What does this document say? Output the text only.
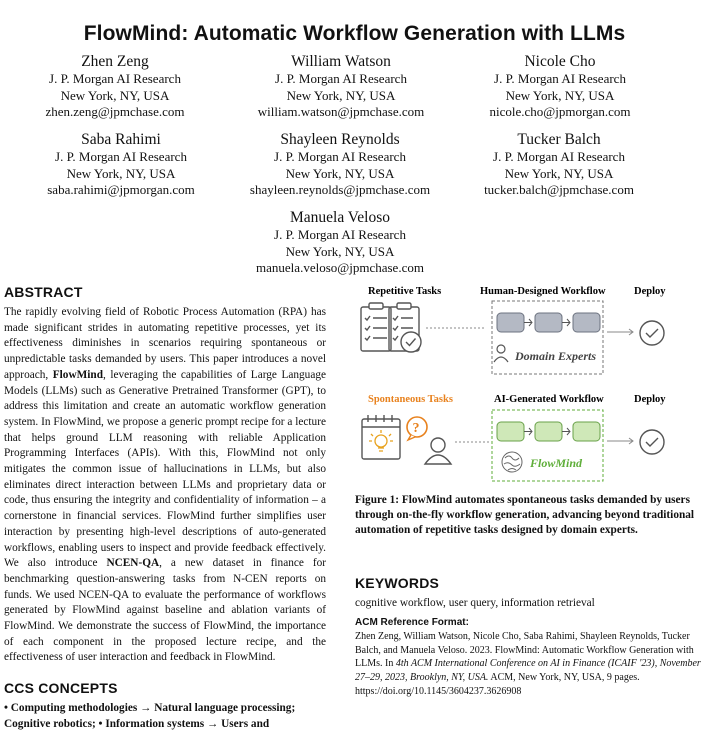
FlowMind: Automatic Workflow Generation with LLMs
Zhen Zeng
J. P. Morgan AI Research
New York, NY, USA
zhen.zeng@jpmchase.com
William Watson
J. P. Morgan AI Research
New York, NY, USA
william.watson@jpmchase.com
Nicole Cho
J. P. Morgan AI Research
New York, NY, USA
nicole.cho@jpmorgan.com
Saba Rahimi
J. P. Morgan AI Research
New York, NY, USA
saba.rahimi@jpmorgan.com
Shayleen Reynolds
J. P. Morgan AI Research
New York, NY, USA
shayleen.reynolds@jpmchase.com
Tucker Balch
J. P. Morgan AI Research
New York, NY, USA
tucker.balch@jpmchase.com
Manuela Veloso
J. P. Morgan AI Research
New York, NY, USA
manuela.veloso@jpmchase.com
ABSTRACT
The rapidly evolving field of Robotic Process Automation (RPA) has made significant strides in automating repetitive processes, yet its effectiveness diminishes in scenarios requiring spontaneous or unpredictable tasks demanded by users. This paper introduces a novel approach, FlowMind, leveraging the capabilities of Large Language Models (LLMs) such as Generative Pretrained Transformer (GPT), to address this limitation and create an automatic workflow generation system. In FlowMind, we propose a generic prompt recipe for a lecture that helps ground LLM reasoning with reliable Application Programming Interfaces (APIs). With this, FlowMind not only mitigates the common issue of hallucinations in LLMs, but also eliminates direct interaction between LLMs and proprietary data or code, thus ensuring the integrity and confidentiality of information – a cornerstone in financial services. FlowMind further simplifies user interaction by presenting high-level descriptions of auto-generated workflows, enabling users to inspect and provide feedback effectively. We also introduce NCEN-QA, a new dataset in finance for benchmarking question-answering tasks from N-CEN reports on funds. We used NCEN-QA to evaluate the performance of workflows generated by FlowMind against baseline and ablation variants of FlowMind. We demonstrate the success of FlowMind, the importance of each component in the proposed lecture recipe, and the effectiveness of user interaction and feedback in FlowMind.
CCS CONCEPTS
• Computing methodologies → Natural language processing; Cognitive robotics; • Information systems → Users and
Repetitive Tasks	Human-Designed Workflow	Deploy
Domain Experts
Spontaneous Tasks	AI-Generated Workflow	Deploy
?
FlowMind
Figure 1: FlowMind automates spontaneous tasks demanded by users through on-the-fly workflow generation, advancing beyond traditional automation of repetitive tasks designed by domain experts.
KEYWORDS
cognitive workflow, user query, information retrieval
ACM Reference Format:
Zhen Zeng, William Watson, Nicole Cho, Saba Rahimi, Shayleen Reynolds, Tucker Balch, and Manuela Veloso. 2023. FlowMind: Automatic Workflow Generation with LLMs. In 4th ACM International Conference on AI in Finance (ICAIF '23), November 27–29, 2023, Brooklyn, NY, USA. ACM, New York, NY, USA, 9 pages. https://doi.org/10.1145/3604237.3626908
